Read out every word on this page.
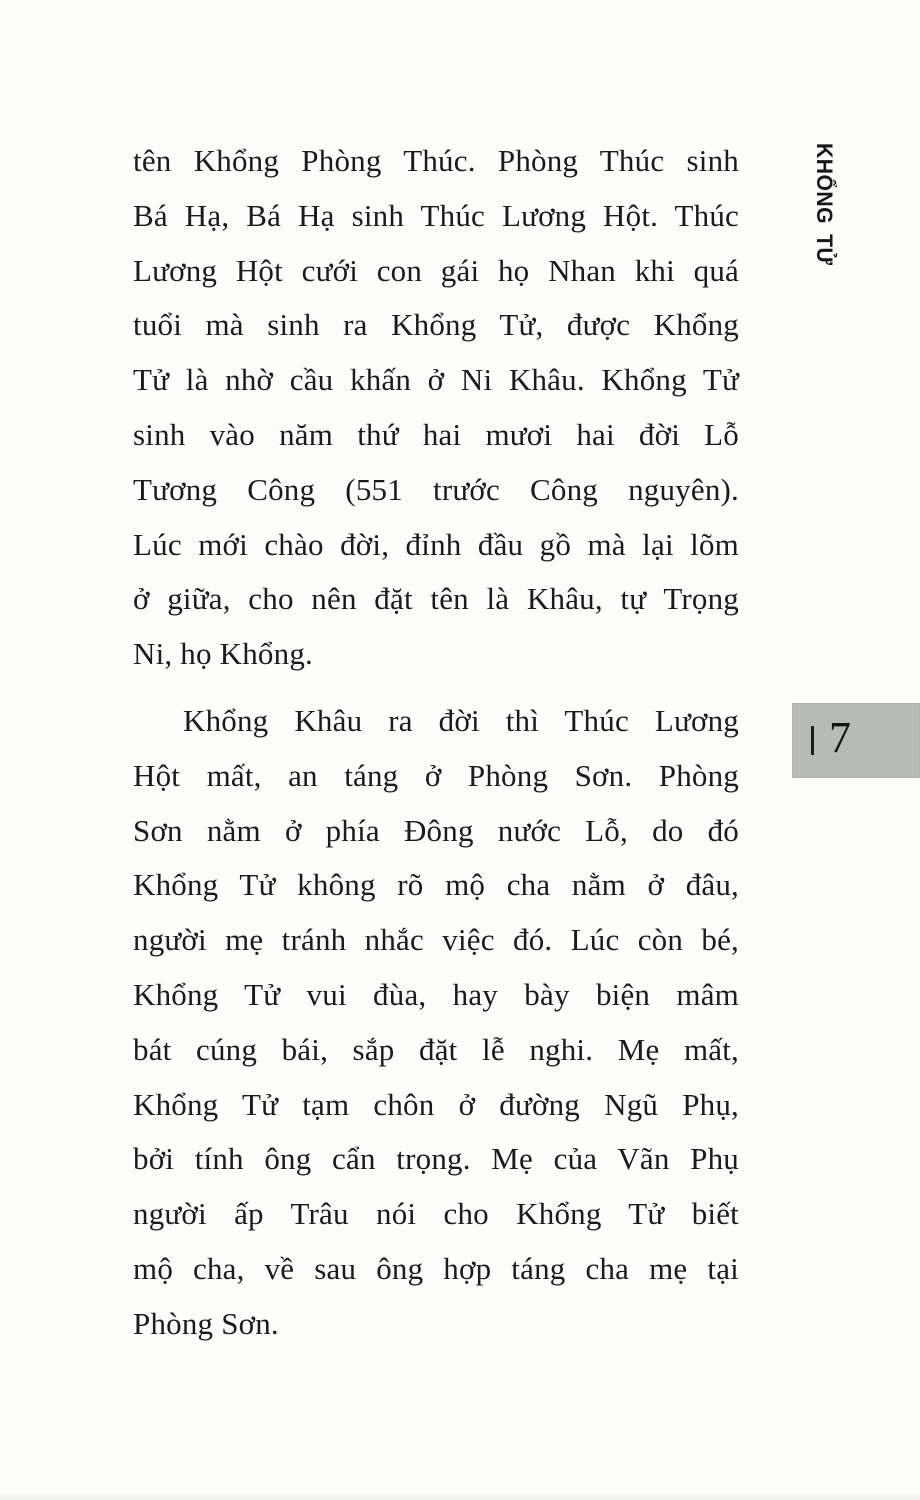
KHỔNG TỬ
7
tên Khổng Phòng Thúc. Phòng Thúc sinh
Bá Hạ, Bá Hạ sinh Thúc Lương Hột. Thúc
Lương Hột cưới con gái họ Nhan khi quá
tuổi mà sinh ra Khổng Tử, được Khổng
Tử là nhờ cầu khấn ở Ni Khâu. Khổng Tử
sinh vào năm thứ hai mươi hai đời Lỗ
Tương Công (551 trước Công nguyên).
Lúc mới chào đời, đỉnh đầu gồ mà lại lõm
ở giữa, cho nên đặt tên là Khâu, tự Trọng
Ni, họ Khổng.
Khổng Khâu ra đời thì Thúc Lương
Hột mất, an táng ở Phòng Sơn. Phòng
Sơn nằm ở phía Đông nước Lỗ, do đó
Khổng Tử không rõ mộ cha nằm ở đâu,
người mẹ tránh nhắc việc đó. Lúc còn bé,
Khổng Tử vui đùa, hay bày biện mâm
bát cúng bái, sắp đặt lễ nghi. Mẹ mất,
Khổng Tử tạm chôn ở đường Ngũ Phụ,
bởi tính ông cẩn trọng. Mẹ của Vãn Phụ
người ấp Trâu nói cho Khổng Tử biết
mộ cha, về sau ông hợp táng cha mẹ tại
Phòng Sơn.
